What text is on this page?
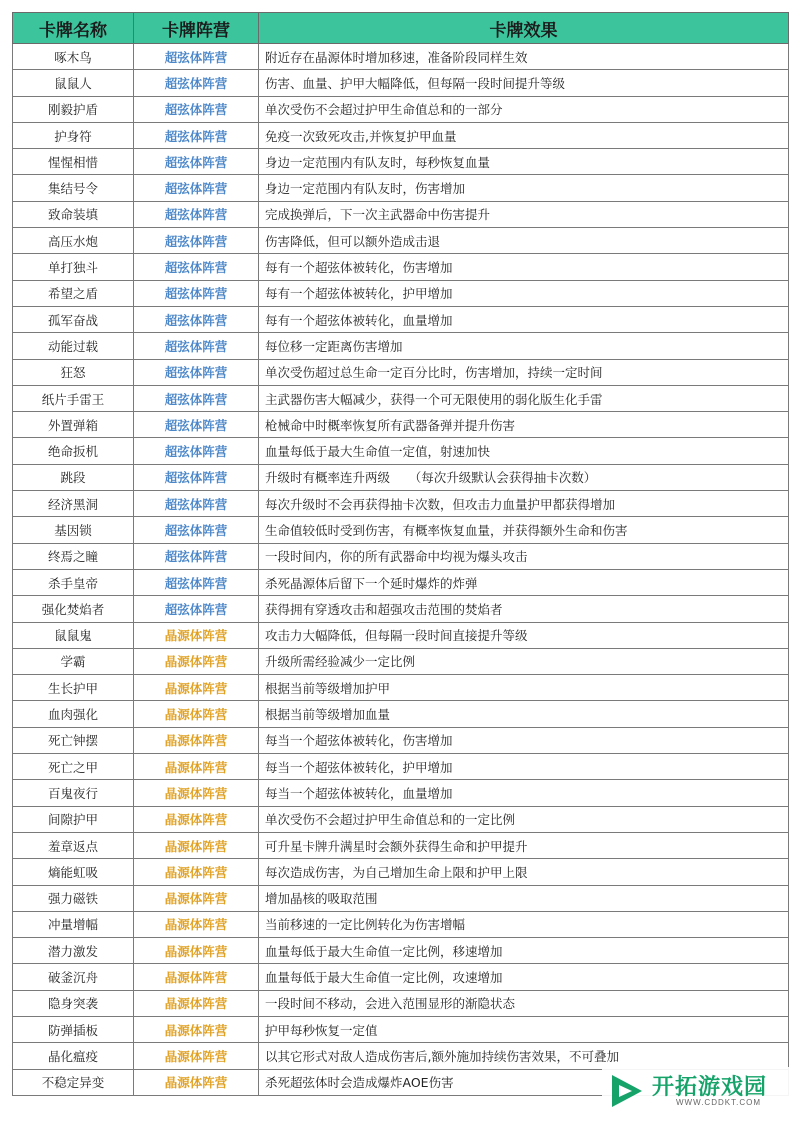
卡牌名称	卡牌阵营	卡牌效果
啄木鸟	超弦体阵营	附近存在晶源体时增加移速，准备阶段同样生效
鼠鼠人	超弦体阵营	伤害、血量、护甲大幅降低，但每隔一段时间提升等级
刚毅护盾	超弦体阵营	单次受伤不会超过护甲生命值总和的一部分
护身符	超弦体阵营	免疫一次致死攻击,并恢复护甲血量
惺惺相惜	超弦体阵营	身边一定范围内有队友时，每秒恢复血量
集结号令	超弦体阵营	身边一定范围内有队友时，伤害增加
致命装填	超弦体阵营	完成换弹后，下一次主武器命中伤害提升
高压水炮	超弦体阵营	伤害降低，但可以额外造成击退
单打独斗	超弦体阵营	每有一个超弦体被转化，伤害增加
希望之盾	超弦体阵营	每有一个超弦体被转化，护甲增加
孤军奋战	超弦体阵营	每有一个超弦体被转化，血量增加
动能过载	超弦体阵营	每位移一定距离伤害增加
狂怒	超弦体阵营	单次受伤超过总生命一定百分比时，伤害增加，持续一定时间
纸片手雷王	超弦体阵营	主武器伤害大幅减少，获得一个可无限使用的弱化版生化手雷
外置弹箱	超弦体阵营	枪械命中时概率恢复所有武器备弹并提升伤害
绝命扳机	超弦体阵营	血量每低于最大生命值一定值，射速加快
跳段	超弦体阵营	升级时有概率连升两级　　（每次升级默认会获得抽卡次数）
经济黑洞	超弦体阵营	每次升级时不会再获得抽卡次数，但攻击力血量护甲都获得增加
基因锁	超弦体阵营	生命值较低时受到伤害，有概率恢复血量，并获得额外生命和伤害
终焉之瞳	超弦体阵营	一段时间内，你的所有武器命中均视为爆头攻击
杀手皇帝	超弦体阵营	杀死晶源体后留下一个延时爆炸的炸弹
强化焚焰者	超弦体阵营	获得拥有穿透攻击和超强攻击范围的焚焰者
鼠鼠鬼	晶源体阵营	攻击力大幅降低，但每隔一段时间直接提升等级
学霸	晶源体阵营	升级所需经验减少一定比例
生长护甲	晶源体阵营	根据当前等级增加护甲
血肉强化	晶源体阵营	根据当前等级增加血量
死亡钟摆	晶源体阵营	每当一个超弦体被转化，伤害增加
死亡之甲	晶源体阵营	每当一个超弦体被转化，护甲增加
百鬼夜行	晶源体阵营	每当一个超弦体被转化，血量增加
间隙护甲	晶源体阵营	单次受伤不会超过护甲生命值总和的一定比例
羞章返点	晶源体阵营	可升星卡牌升满星时会额外获得生命和护甲提升
熵能虹吸	晶源体阵营	每次造成伤害，为自己增加生命上限和护甲上限
强力磁铁	晶源体阵营	增加晶核的吸取范围
冲量增幅	晶源体阵营	当前移速的一定比例转化为伤害增幅
潜力激发	晶源体阵营	血量每低于最大生命值一定比例，移速增加
破釜沉舟	晶源体阵营	血量每低于最大生命值一定比例，攻速增加
隐身突袭	晶源体阵营	一段时间不移动，会进入范围显形的渐隐状态
防弹插板	晶源体阵营	护甲每秒恢复一定值
晶化瘟疫	晶源体阵营	以其它形式对敌人造成伤害后,额外施加持续伤害效果，不可叠加
不稳定异变	晶源体阵营	杀死超弦体时会造成爆炸AOE伤害	开拓游戏园
WWW.CDDKT.COM
